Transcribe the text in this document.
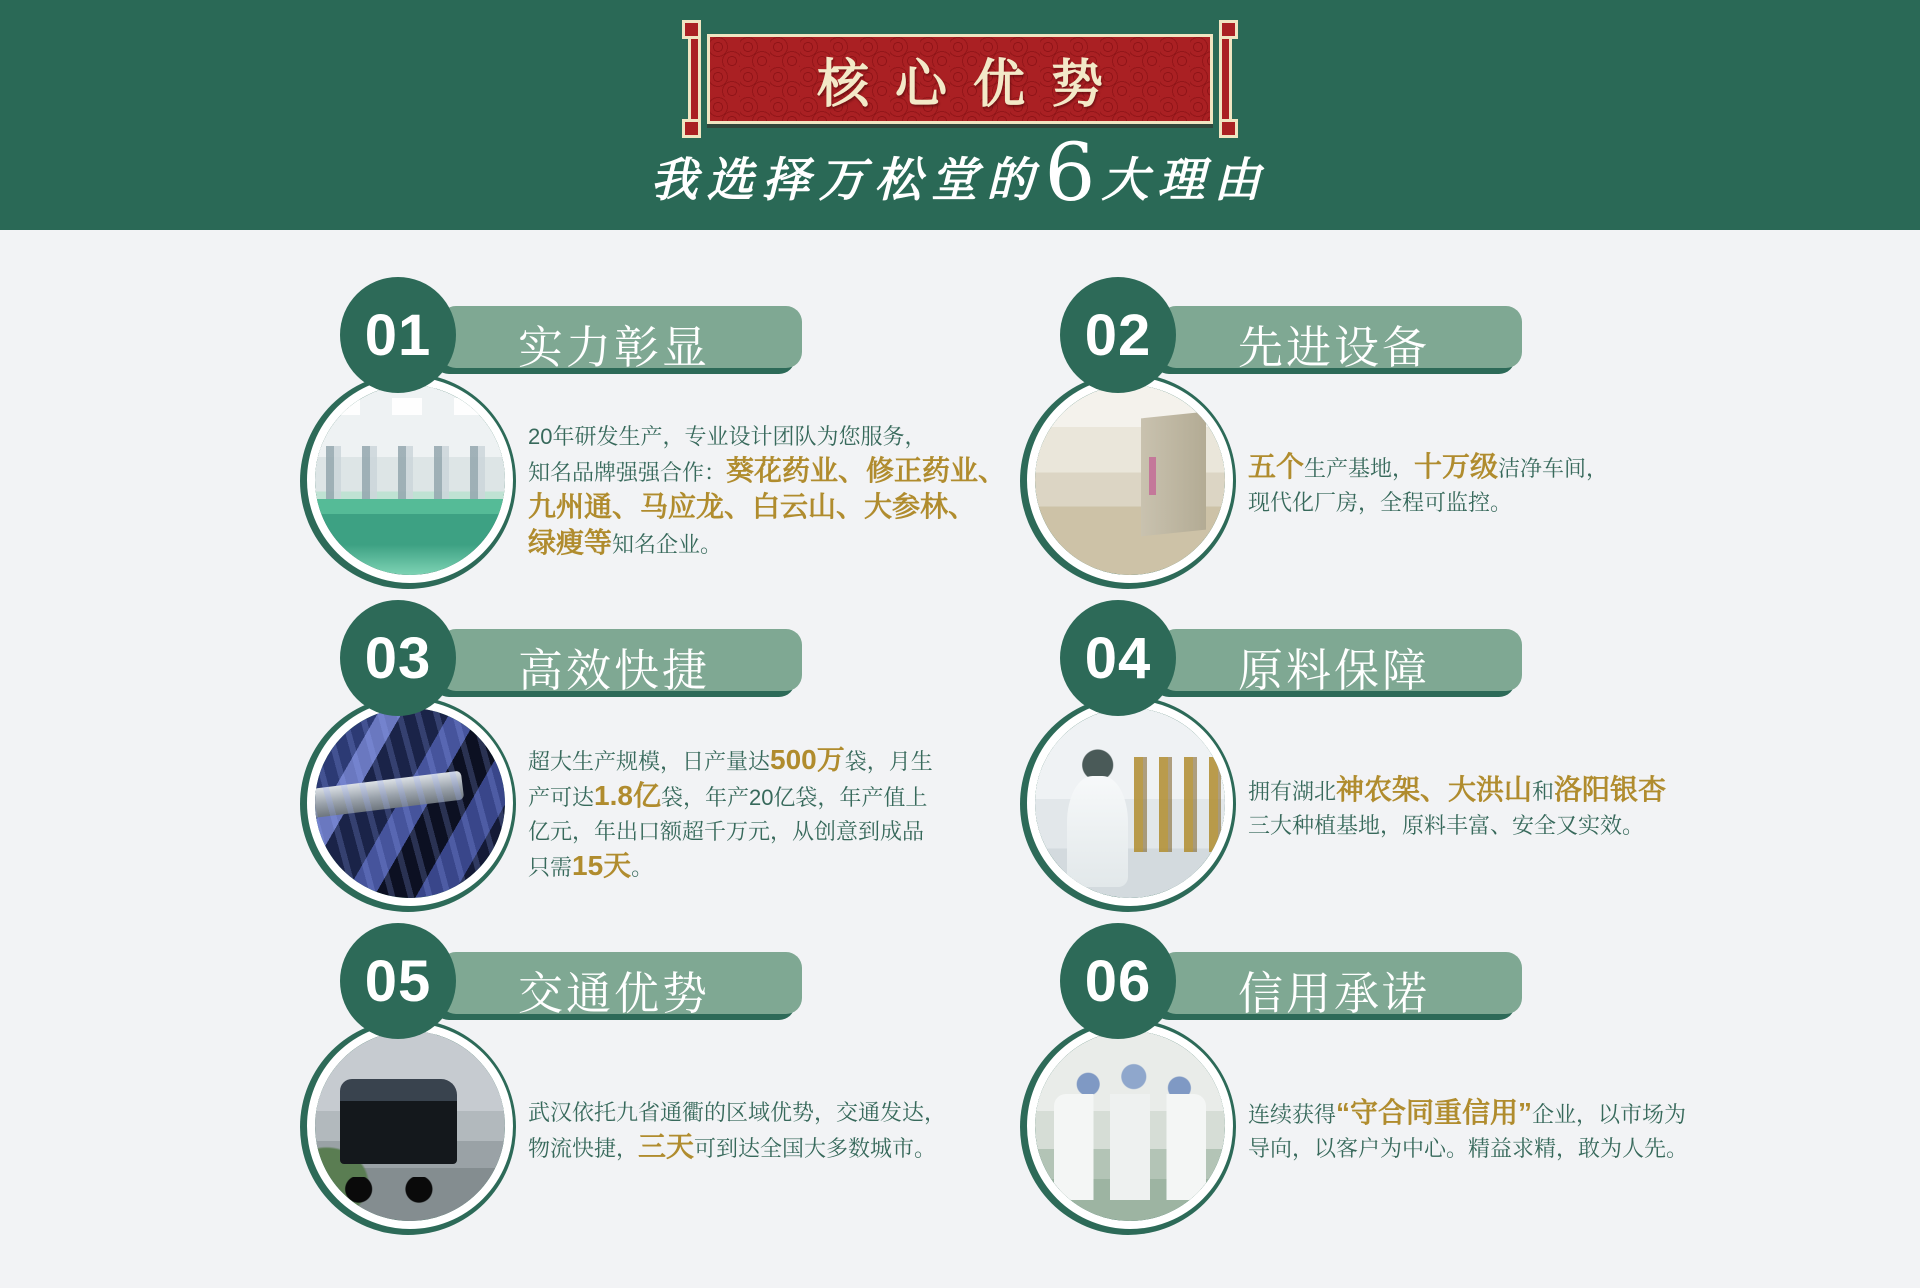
核心优势
我选择万松堂的 6 大理由
实力彰显
01
20年研发生产，专业设计团队为您服务，
知名品牌强强合作：葵花药业、修正药业、
九州通、马应龙、白云山、大参林、
绿瘦等知名企业。
先进设备
02
五个生产基地，十万级洁净车间，
现代化厂房，全程可监控。
高效快捷
03
超大生产规模，日产量达500万袋，月生
产可达1.8亿袋，年产20亿袋，年产值上
亿元，年出口额超千万元，从创意到成品
只需15天。
原料保障
04
拥有湖北神农架、大洪山和洛阳银杏
三大种植基地，原料丰富、安全又实效。
交通优势
05
武汉依托九省通衢的区域优势，交通发达，
物流快捷，三天可到达全国大多数城市。
信用承诺
06
连续获得“守合同重信用”企业，以市场为
导向，以客户为中心。精益求精，敢为人先。
